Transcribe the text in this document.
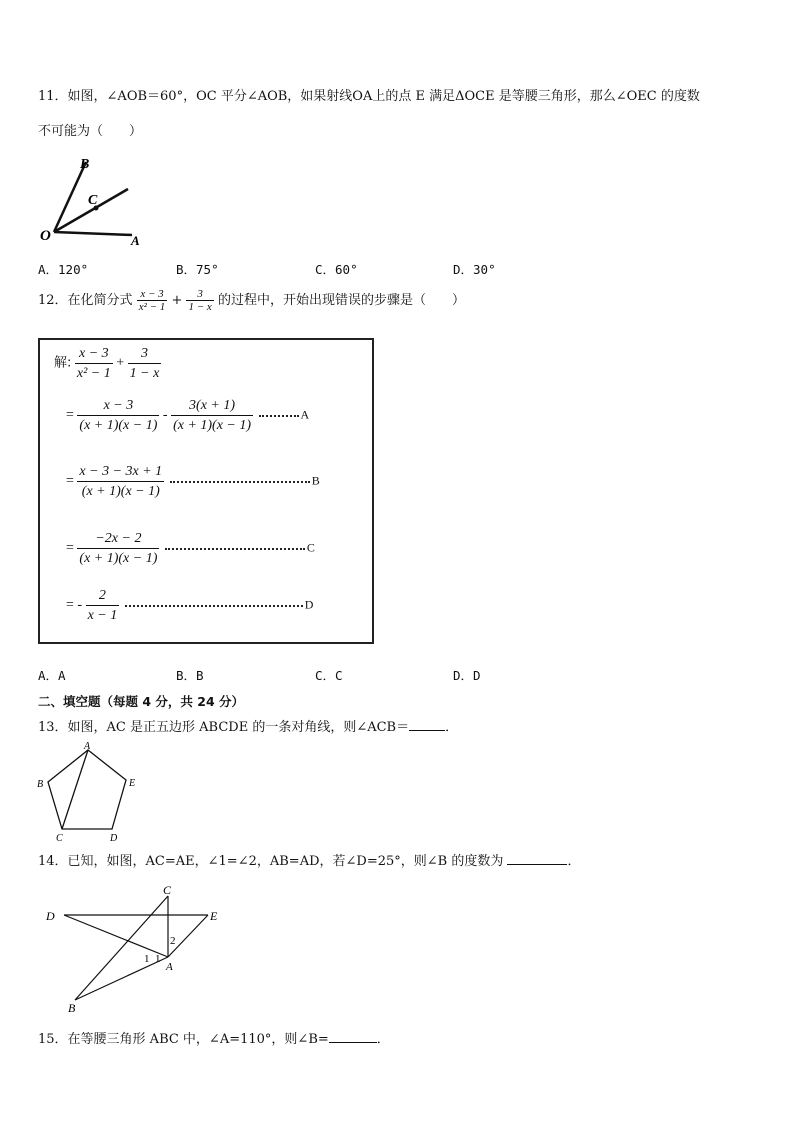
11．如图，∠AOB＝60°，OC 平分∠AOB，如果射线OA上的点 E 满足ΔOCE 是等腰三角形，那么∠OEC 的度数
不可能为（　　）
B
C
O	A
A．120°	B．75°	C．60°	D．30°
12．在化简分式 $\frac{x - 3}{\text{x² − 1}} + \frac{3}{1 - x}$ 的过程中，开始出现错误的步骤是（　　）
解: $\frac{x - 3}{\text{x² − 1}} + \frac{3}{1 - x}$
= $\frac{x - 3}{(x + 1)(x - 1)} - \frac{3(x + 1)}{(x + 1)(x - 1)}$	A
= $\frac{x - 3 - 3x + 1}{(x + 1)(x - 1)}$	B
= $\frac{-2x - 2}{(x + 1)(x - 1)}$	C
= - $\frac{2}{x - 1}$	D
A．A	B．B	C．C	D．D
二、填空题（每题 4 分，共 24 分）
13．如图，AC 是正五边形 ABCDE 的一条对角线，则∠ACB＝	．
A
B
C	D
E
14．已知，如图，AC=AE，∠1=∠2，AB=AD，若∠D=25°，则∠B 的度数为	．
C
D	E
A
B
1 1
2
15．在等腰三角形 ABC 中，∠A=110°，则∠B=	．
